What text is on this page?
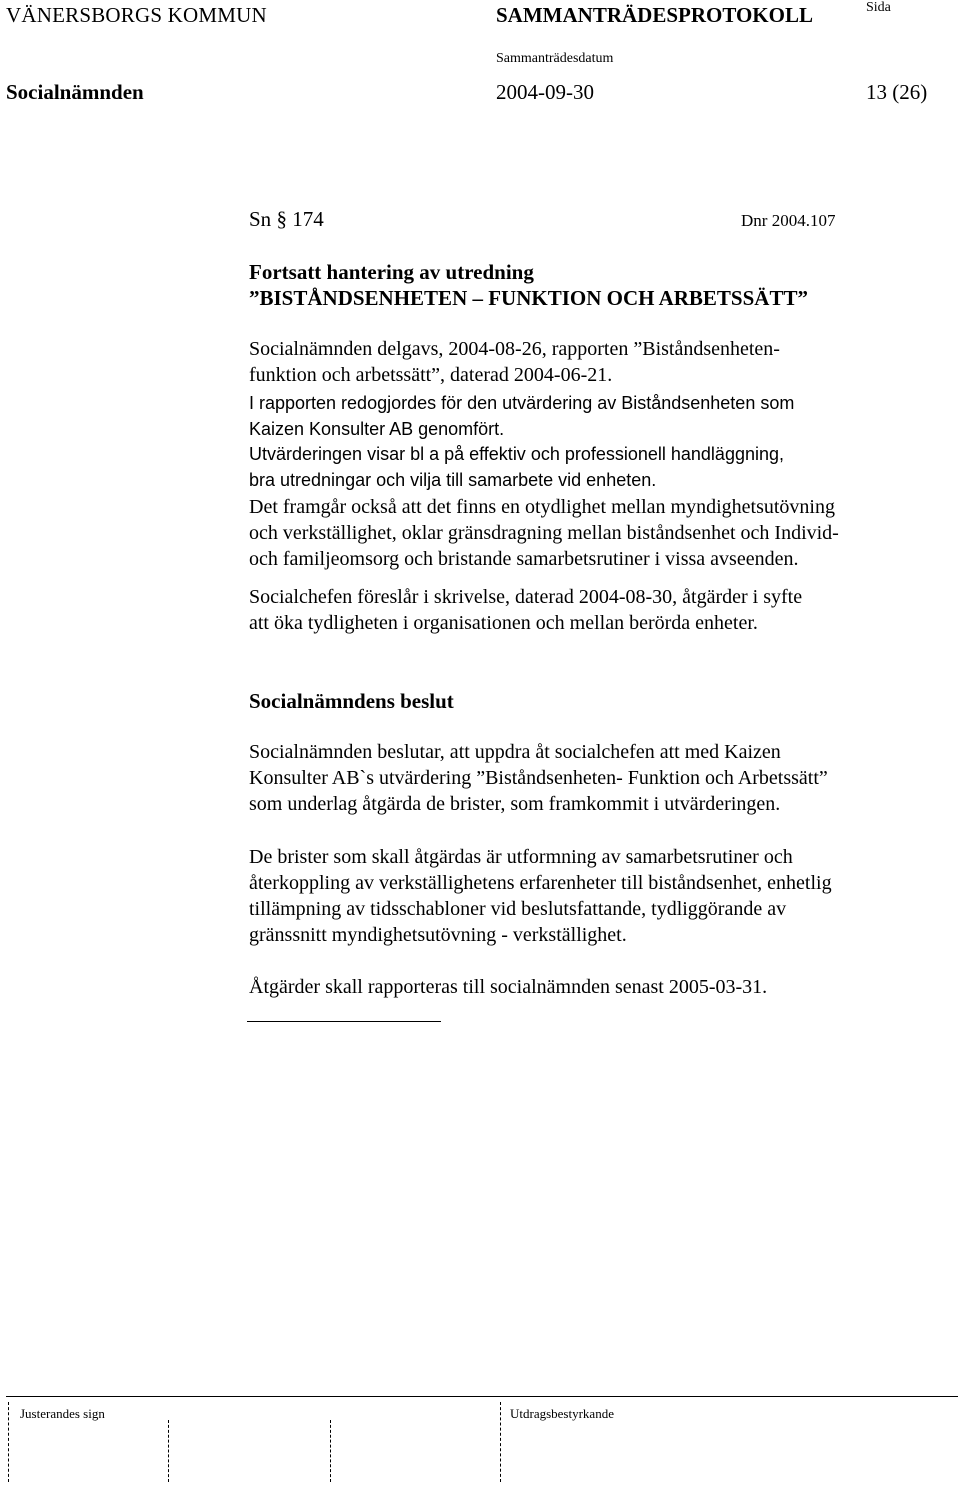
VÄNERSBORGS KOMMUN	SAMMANTRÄDESPROTOKOLL	Sida
Sammanträdesdatum
Socialnämnden	2004-09-30	13 (26)
Sn § 174	Dnr 2004.107
Fortsatt hantering av utredning
”BISTÅNDSENHETEN – FUNKTION OCH ARBETSSÄTT”
Socialnämnden delgavs, 2004-08-26, rapporten ”Biståndsenheten-
funktion och arbetssätt”, daterad 2004-06-21.
I rapporten redogjordes för den utvärdering av Biståndsenheten som
Kaizen Konsulter AB genomfört.
Utvärderingen visar bl a på effektiv och professionell handläggning,
bra utredningar och vilja till samarbete vid enheten.
Det framgår också att det finns en otydlighet mellan myndighetsutövning
och verkställighet, oklar gränsdragning mellan biståndsenhet och Individ-
och familjeomsorg och bristande samarbetsrutiner i vissa avseenden.
Socialchefen föreslår i skrivelse, daterad 2004-08-30, åtgärder i syfte
att öka tydligheten i organisationen och mellan berörda enheter.
Socialnämndens beslut
Socialnämnden beslutar, att uppdra åt socialchefen att med Kaizen
Konsulter AB`s utvärdering ”Biståndsenheten- Funktion och Arbetssätt”
som underlag åtgärda de brister, som framkommit i utvärderingen.
De brister som skall åtgärdas är utformning av samarbetsrutiner och
återkoppling av verkställighetens erfarenheter till biståndsenhet, enhetlig
tillämpning av tidsschabloner vid beslutsfattande, tydliggörande av
gränssnitt myndighetsutövning - verkställighet.
Åtgärder skall rapporteras till socialnämnden senast 2005-03-31.
Justerandes sign	Utdragsbestyrkande
